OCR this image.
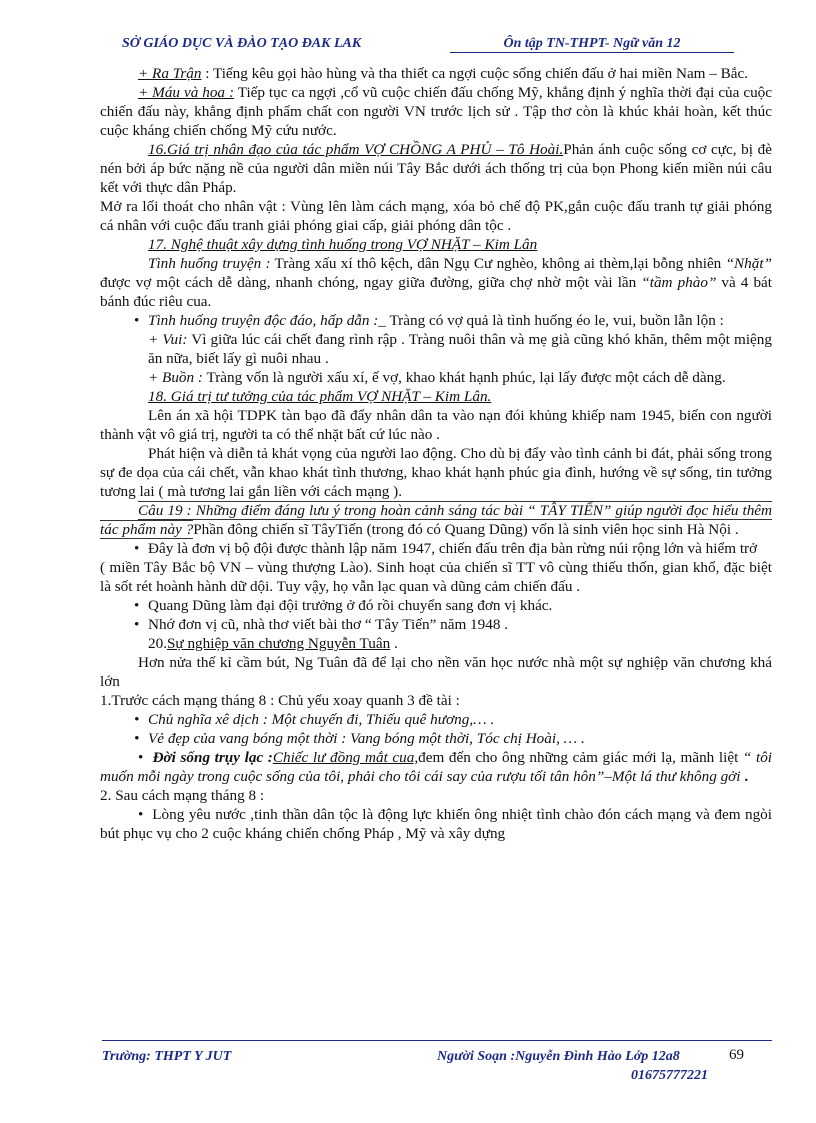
SỞ GIÁO DỤC VÀ ĐÀO TẠO ĐAK LAK	Ôn tập TN-THPT- Ngữ văn 12

+ Ra Trận : Tiếng kêu gọi hào hùng và tha thiết ca ngợi cuộc sống chiến đấu ở hai miền Nam – Bắc.

+ Máu và hoa : Tiếp tục ca ngợi ,cổ vũ cuộc chiến đấu chống Mỹ, khẳng định ý nghĩa thời đại của cuộc chiến đấu này, khẳng định phẩm chất con người VN trước lịch sử . Tập thơ còn là khúc khải hoàn, kết thúc cuộc kháng chiến chống Mỹ cứu nước.

16.Giá trị nhân đạo của tác phẩm VỢ CHỒNG A PHỦ – Tô Hoài.Phản ánh cuộc sống cơ cực, bị đè nén bởi áp bức nặng nề của người dân miền núi Tây Bắc dưới ách thống trị của bọn Phong kiến miền núi câu kết với thực dân Pháp.

Mở ra lối thoát cho nhân vật : Vùng lên làm cách mạng, xóa bỏ chế độ PK,gắn cuộc đấu tranh tự giải phóng cá nhân với cuộc đấu tranh giải phóng giai cấp, giải phóng dân tộc .

17. Nghệ thuật xây dựng tình huống trong VỢ NHẶT – Kim Lân

Tình huống truyện : Tràng xấu xí thô kệch, dân Ngụ Cư nghèo, không ai thèm,lại bỗng nhiên “Nhặt” được vợ một cách dễ dàng, nhanh chóng, ngay giữa đường, giữa chợ nhờ một vài lần “tầm phào” và 4 bát bánh đúc riêu cua.

• Tình huống truyện độc đáo, hấp dẫn :_ Tràng có vợ quả là tình huống éo le, vui, buồn lẫn lộn :

+ Vui: Vì giữa lúc cái chết đang rình rập . Tràng nuôi thân và mẹ già cũng khó khăn, thêm một miệng ăn nữa, biết lấy gì nuôi nhau .

+ Buồn : Tràng vốn là người xấu xí, ế vợ, khao khát hạnh phúc, lại lấy được một cách dễ dàng.

18. Giá trị tư tưởng của tác phẩm VỢ NHẶT – Kim Lân.

Lên án xã hội TDPK tàn bạo đã đẩy nhân dân ta vào nạn đói khủng khiếp nam 1945, biến con người thành vật vô giá trị, người ta có thể nhặt bất cứ lúc nào .

Phát hiện và diễn tả khát vọng của người lao động. Cho dù bị đẩy vào tình cảnh bi đát, phải sống trong sự đe dọa của cái chết, vẫn khao khát tình thương, khao khát hạnh phúc gia đình, hướng về sự sống, tin tưởng tương lai ( mà tương lai gắn liền với cách mạng ).

Câu 19 : Những điểm đáng lưu ý trong hoàn cảnh sáng tác bài “ TÂY TIẾN” giúp người đọc hiểu thêm tác phẩm này ?Phần đông chiến sĩ TâyTiến (trong đó có Quang Dũng) vốn là sinh viên học sinh Hà Nội .

• Đây là đơn vị bộ đội được thành lập năm 1947, chiến đấu trên địa bàn rừng núi rộng lớn và hiểm trở

( miền Tây Bắc bộ VN – vùng thượng Lào). Sinh hoạt của chiến sĩ TT vô cùng thiếu thốn, gian khổ, đặc biệt là sốt rét hoành hành dữ dội. Tuy vậy, họ vẫn lạc quan và dũng cảm chiến đấu .

• Quang Dũng làm đại đội trưởng ở đó rồi chuyển sang đơn vị khác.
• Nhớ đơn vị cũ, nhà thơ viết bài thơ “ Tây Tiến” năm 1948 .

20.Sự nghiệp văn chương Nguyễn Tuân .

Hơn nửa thế kỉ cầm bút, Ng Tuân đã để lại cho nền văn học nước nhà một sự nghiệp văn chương khá lớn

1.Trước cách mạng tháng 8 : Chủ yếu xoay quanh 3 đề tài :

• Chủ nghĩa xê dịch : Một chuyến đi, Thiếu quê hương,… .
• Vẻ đẹp của vang bóng một thời : Vang bóng một thời, Tóc chị Hoài, … .

•  Đời sống trụy lạc :Chiếc lư đồng mắt cua,đem đến cho ông những cảm giác mới lạ, mãnh liệt “ tôi muốn mỗi ngày trong cuộc sống của tôi, phải cho tôi cái say của rượu tối tân hôn”–Một lá thư không gởi .

2. Sau cách mạng tháng 8 :

•  Lòng yêu nước ,tinh thần dân tộc là động lực khiến ông nhiệt tình chào đón cách mạng và đem ngòi bút phục vụ cho 2 cuộc kháng chiến chống Pháp , Mỹ và xây dựng

Trường: THPT Y JUT	Người Soạn :Nguyễn Đình Hào Lớp 12a8	69
01675777221
